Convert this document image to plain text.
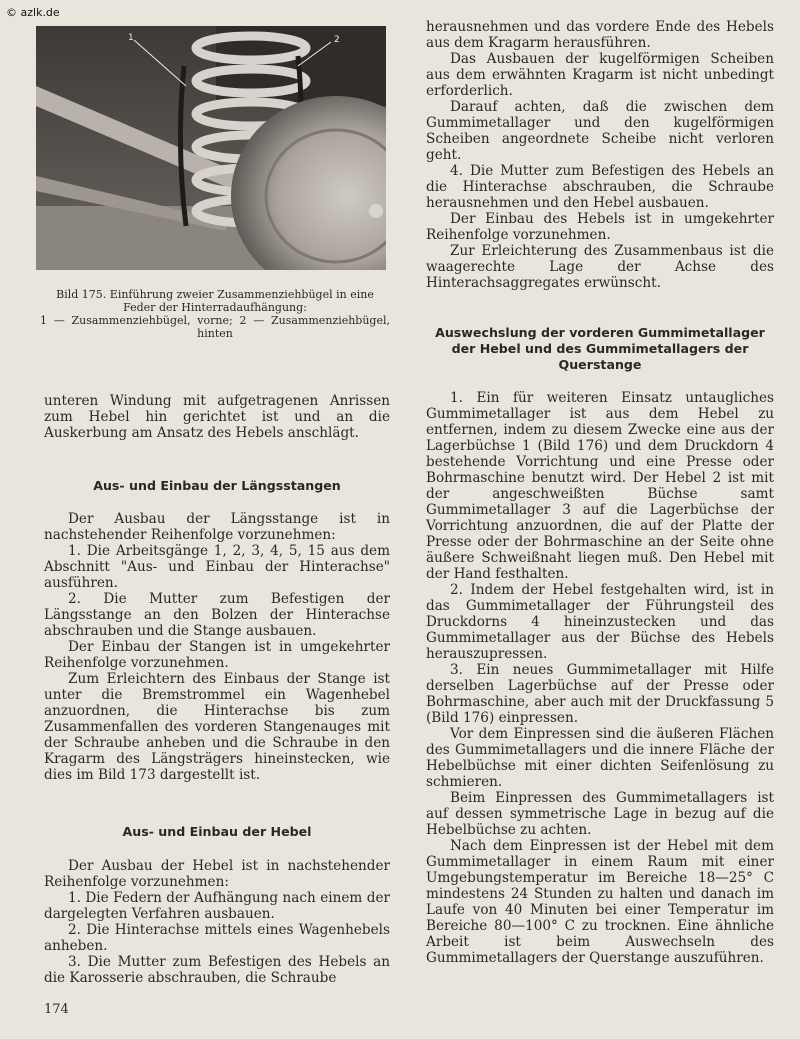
© azlk.de
1	2

Bild 175. Einführung zweier Zusammenziehbügel in eine Feder der Hinterradaufhängung:

1 — Zusammenziehbügel, vorne; 2 — Zusammenziehbügel, hinten

unteren Windung mit aufgetragenen Anrissen zum Hebel hin gerichtet ist und an die Auskerbung am Ansatz des Hebels anschlägt.

Aus- und Einbau der Längsstangen

Der Ausbau der Längsstange ist in nachstehender Reihenfolge vorzunehmen:

1. Die Arbeitsgänge 1, 2, 3, 4, 5, 15 aus dem Abschnitt "Aus- und Einbau der Hinterachse" ausführen.

2. Die Mutter zum Befestigen der Längsstange an den Bolzen der Hinterachse abschrauben und die Stange ausbauen.

Der Einbau der Stangen ist in umgekehrter Reihenfolge vorzunehmen.

Zum Erleichtern des Einbaus der Stange ist unter die Bremstrommel ein Wagenhebel anzuordnen, die Hinterachse bis zum Zusammenfallen des vorderen Stangenauges mit der Schraube anheben und die Schraube in den Kragarm des Längsträgers hineinstecken, wie dies im Bild 173 dargestellt ist.

Aus- und Einbau der Hebel

Der Ausbau der Hebel ist in nachstehender Reihenfolge vorzunehmen:

1. Die Federn der Aufhängung nach einem der dargelegten Verfahren ausbauen.

2. Die Hinterachse mittels eines Wagenhebels anheben.

3. Die Mutter zum Befestigen des Hebels an die Karosserie abschrauben, die Schraube

174

herausnehmen und das vordere Ende des Hebels aus dem Kragarm herausführen.

Das Ausbauen der kugelförmigen Scheiben aus dem erwähnten Kragarm ist nicht unbedingt erforderlich.

Darauf achten, daß die zwischen dem Gummimetallager und den kugelförmigen Scheiben angeordnete Scheibe nicht verloren geht.

4. Die Mutter zum Befestigen des Hebels an die Hinterachse abschrauben, die Schraube herausnehmen und den Hebel ausbauen.

Der Einbau des Hebels ist in umgekehrter Reihenfolge vorzunehmen.

Zur Erleichterung des Zusammenbaus ist die waagerechte Lage der Achse des Hinterachsaggregates erwünscht.

Auswechslung der vorderen Gummimetallager der Hebel und des Gummimetallagers der Querstange

1. Ein für weiteren Einsatz untaugliches Gummimetallager ist aus dem Hebel zu entfernen, indem zu diesem Zwecke eine aus der Lagerbüchse 1 (Bild 176) und dem Druckdorn 4 bestehende Vorrichtung und eine Presse oder Bohrmaschine benutzt wird. Der Hebel 2 ist mit der angeschweißten Büchse samt Gummimetallager 3 auf die Lagerbüchse der Vorrichtung anzuordnen, die auf der Platte der Presse oder der Bohrmaschine an der Seite ohne äußere Schweißnaht liegen muß. Den Hebel mit der Hand festhalten.

2. Indem der Hebel festgehalten wird, ist in das Gummimetallager der Führungsteil des Druckdorns 4 hineinzustecken und das Gummimetallager aus der Büchse des Hebels herauszupressen.

3. Ein neues Gummimetallager mit Hilfe derselben Lagerbüchse auf der Presse oder Bohrmaschine, aber auch mit der Druckfassung 5 (Bild 176) einpressen.

Vor dem Einpressen sind die äußeren Flächen des Gummimetallagers und die innere Fläche der Hebelbüchse mit einer dichten Seifenlösung zu schmieren.

Beim Einpressen des Gummimetallagers ist auf dessen symmetrische Lage in bezug auf die Hebelbüchse zu achten.

Nach dem Einpressen ist der Hebel mit dem Gummimetallager in einem Raum mit einer Umgebungstemperatur im Bereiche 18—25° C mindestens 24 Stunden zu halten und danach im Laufe von 40 Minuten bei einer Temperatur im Bereiche 80—100° C zu trocknen. Eine ähnliche Arbeit ist beim Auswechseln des Gummimetallagers der Querstange auszuführen.
